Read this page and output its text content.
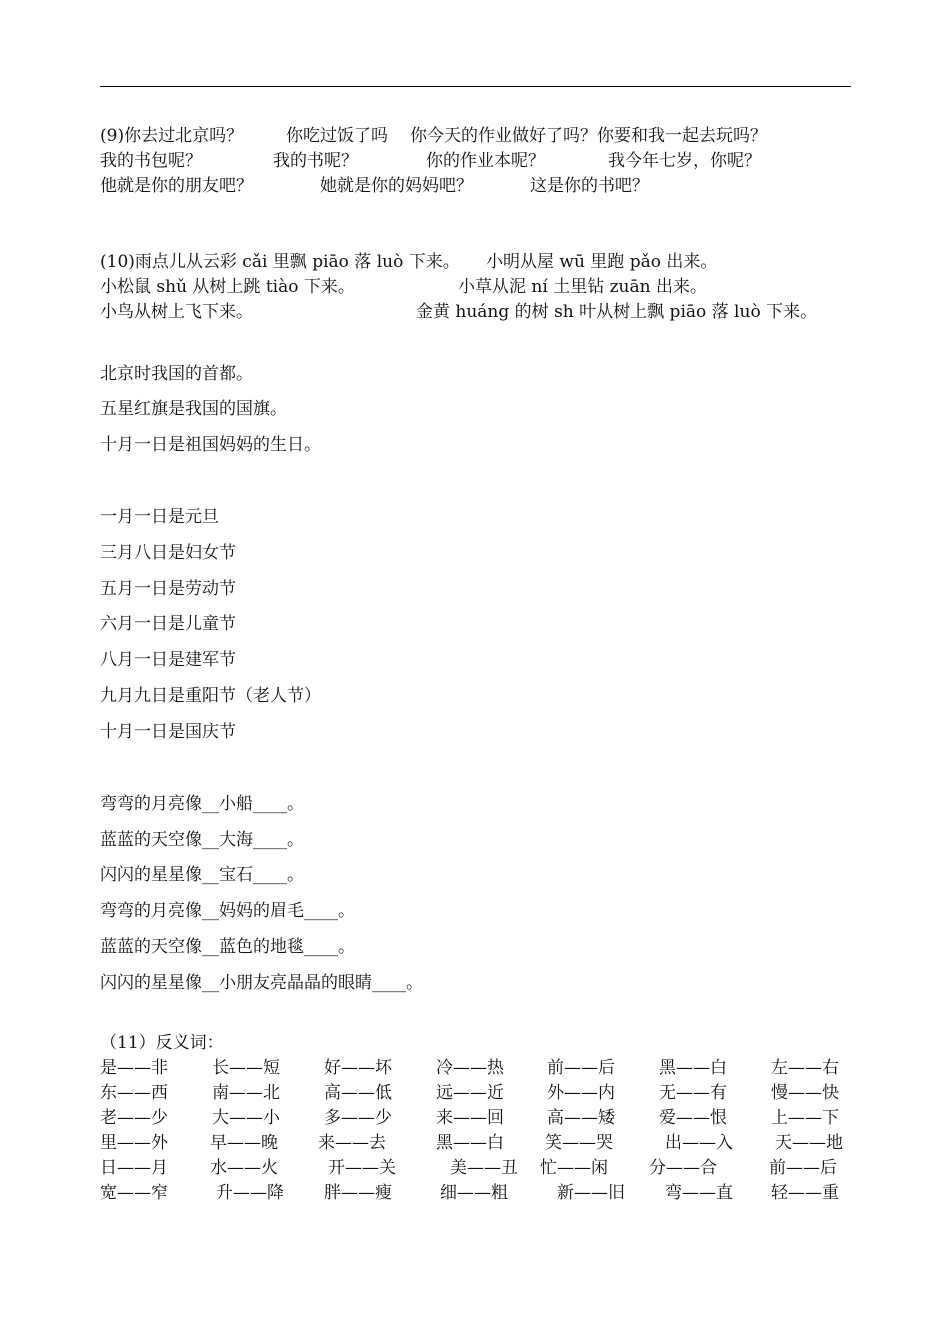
(9)你去过北京吗？	你吃过饭了吗 你今天的作业做好了吗？你要和我一起去玩吗？
我的书包呢？	我的书呢？	你的作业本呢？	我今年七岁，你呢？
他就是你的朋友吧？	她就是你的妈妈吧？	这是你的书吧？
(10)雨点儿从云彩 cǎi 里飘 piāo 落 luò 下来。 小明从屋 wū 里跑 pǎo 出来。
小松鼠 shǔ 从树上跳 tiào 下来。	小草从泥 ní 土里钻 zuān 出来。
小鸟从树上飞下来。	金黄 huáng 的树 sh 叶从树上飘 piāo 落 luò 下来。
北京时我国的首都。
五星红旗是我国的国旗。
十月一日是祖国妈妈的生日。
一月一日是元旦
三月八日是妇女节
五月一日是劳动节
六月一日是儿童节
八月一日是建军节
九月九日是重阳节（老人节）
十月一日是国庆节
弯弯的月亮像__小船____。
蓝蓝的天空像__大海____。
闪闪的星星像__宝石____。
弯弯的月亮像__妈妈的眉毛____。
蓝蓝的天空像__蓝色的地毯____。
闪闪的星星像__小朋友亮晶晶的眼睛____。
（11）反义词：
是——非	长——短	好——坏	冷——热	前——后	黑——白	左——右
东——西	南——北	高——低	远——近	外——内	无——有	慢——快
老——少	大——小	多——少	来——回	高——矮	爱——恨	上——下
里——外 早——晚 来——去	黑——白 笑——哭	出——入 天——地
日——月 水——火	开——关	美——丑 忙——闲 分——合	前——后
宽——窄	升——降 胖——瘦	细——粗	新——旧 弯——直 轻——重
